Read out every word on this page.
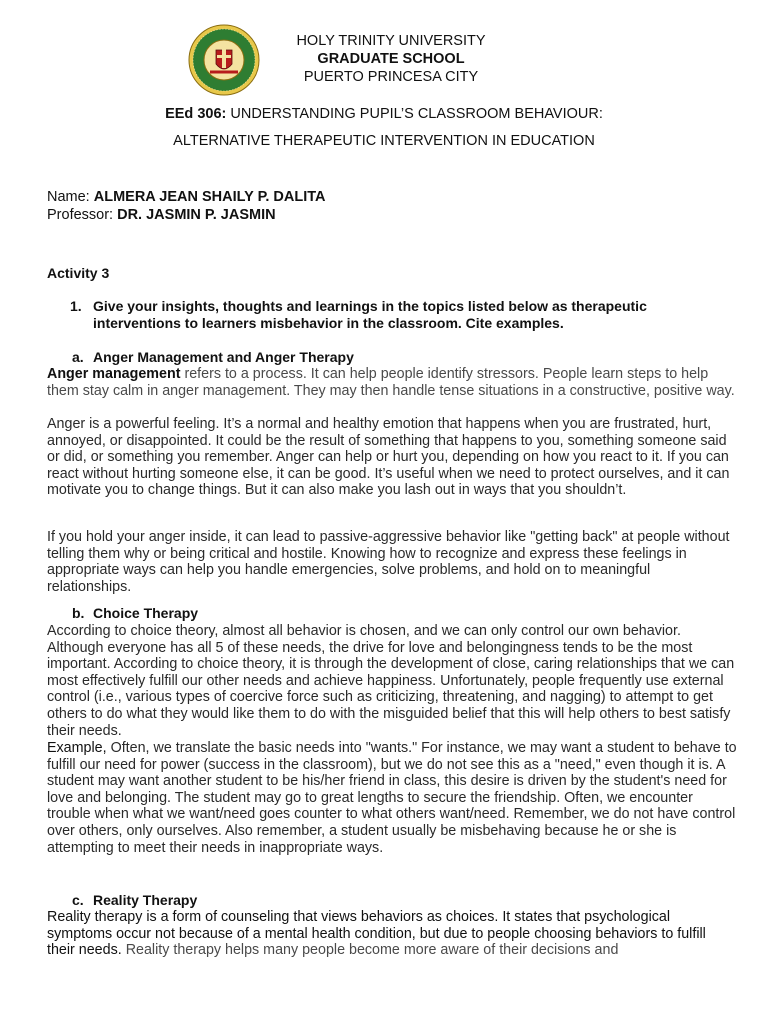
HOLY TRINITY UNIVERSITY
GRADUATE SCHOOL
PUERTO PRINCESA CITY
EEd 306: UNDERSTANDING PUPIL’S CLASSROOM BEHAVIOUR:
ALTERNATIVE THERAPEUTIC INTERVENTION IN EDUCATION
Name: ALMERA JEAN SHAILY P. DALITA
Professor: DR. JASMIN P. JASMIN
Activity 3
1. Give your insights, thoughts and learnings in the topics listed below as therapeutic interventions to learners misbehavior in the classroom. Cite examples.
a. Anger Management and Anger Therapy
Anger management refers to a process. It can help people identify stressors. People learn steps to help them stay calm in anger management. They may then handle tense situations in a constructive, positive way.
Anger is a powerful feeling. It’s a normal and healthy emotion that happens when you are frustrated, hurt, annoyed, or disappointed. It could be the result of something that happens to you, something someone said or did, or something you remember. Anger can help or hurt you, depending on how you react to it. If you can react without hurting someone else, it can be good. It’s useful when we need to protect ourselves, and it can motivate you to change things. But it can also make you lash out in ways that you shouldn’t.
If you hold your anger inside, it can lead to passive-aggressive behavior like "getting back" at people without telling them why or being critical and hostile. Knowing how to recognize and express these feelings in appropriate ways can help you handle emergencies, solve problems, and hold on to meaningful relationships.
b. Choice Therapy
According to choice theory, almost all behavior is chosen, and we can only control our own behavior. Although everyone has all 5 of these needs, the drive for love and belongingness tends to be the most important. According to choice theory, it is through the development of close, caring relationships that we can most effectively fulfill our other needs and achieve happiness. Unfortunately, people frequently use external control (i.e., various types of coercive force such as criticizing, threatening, and nagging) to attempt to get others to do what they would like them to do with the misguided belief that this will help others to best satisfy their needs.
Example, Often, we translate the basic needs into "wants." For instance, we may want a student to behave to fulfill our need for power (success in the classroom), but we do not see this as a "need," even though it is. A student may want another student to be his/her friend in class, this desire is driven by the student's need for love and belonging. The student may go to great lengths to secure the friendship. Often, we encounter trouble when what we want/need goes counter to what others want/need. Remember, we do not have control over others, only ourselves. Also remember, a student usually be misbehaving because he or she is attempting to meet their needs in inappropriate ways.
c. Reality Therapy
Reality therapy is a form of counseling that views behaviors as choices. It states that psychological symptoms occur not because of a mental health condition, but due to people choosing behaviors to fulfill their needs. Reality therapy helps many people become more aware of their decisions and
